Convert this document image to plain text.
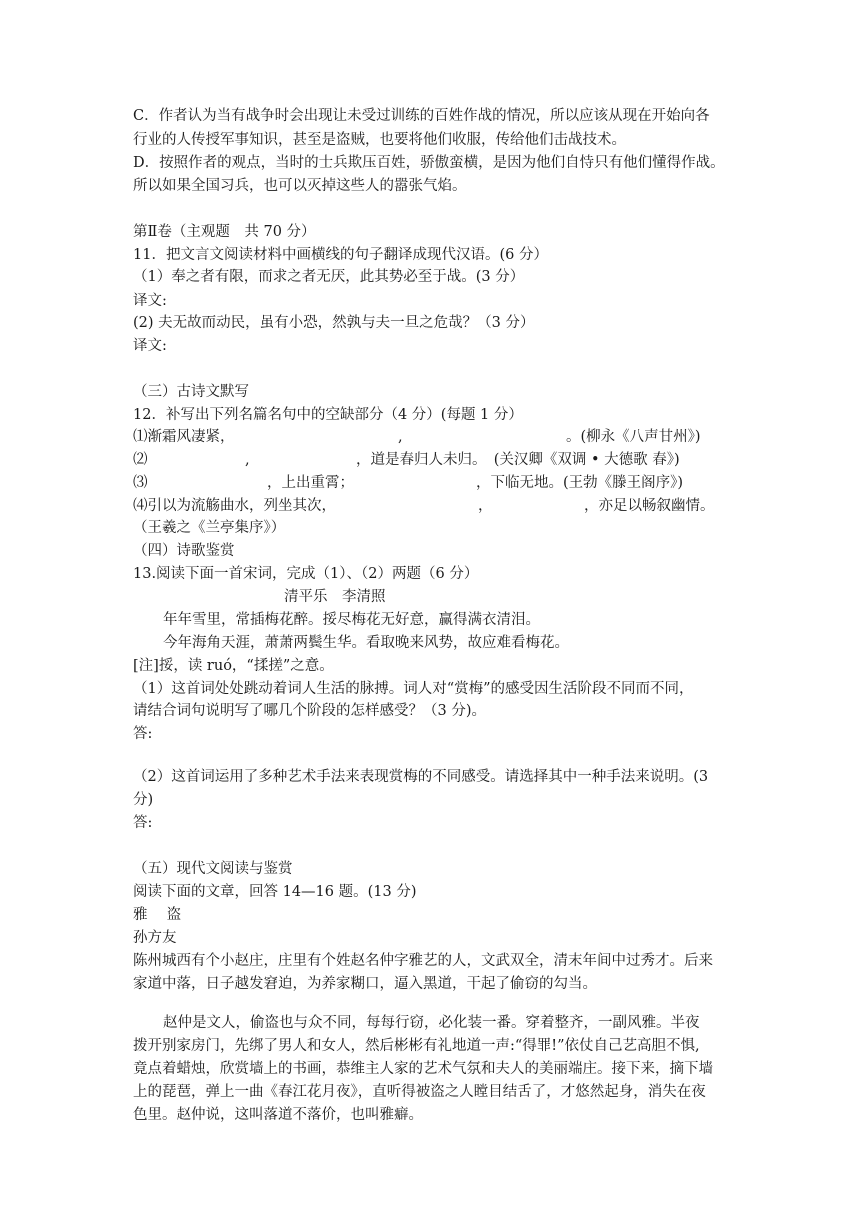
C．作者认为当有战争时会出现让未受过训练的百姓作战的情况，所以应该从现在开始向各
行业的人传授军事知识，甚至是盗贼，也要将他们收服，传给他们击战技术。
D．按照作者的观点，当时的士兵欺压百姓，骄傲蛮横，是因为他们自恃只有他们懂得作战。
所以如果全国习兵，也可以灭掉这些人的嚣张气焰。
第Ⅱ卷（主观题　共 70 分）
11．把文言文阅读材料中画横线的句子翻译成现代汉语。(6 分）
（1）奉之者有限，而求之者无厌，此其势必至于战。(3 分）
译文:
(2) 夫无故而动民，虽有小恐，然孰与夫一旦之危哉？（3 分）
译文:
（三）古诗文默写
12．补写出下列名篇名句中的空缺部分（4 分）(每题 1 分）
⑴渐霜风凄紧，	,	。(柳永《八声甘州》)
⑵	,	，道是春归人未归。　(关汉卿《双调 • 大德歌 春》)
⑶	，上出重霄；	，下临无地。(王勃《滕王阁序》)
⑷引以为流觞曲水，列坐其次，	，	，亦足以畅叙幽情。
（王羲之《兰亭集序》）
（四）诗歌鉴赏
13.阅读下面一首宋词，完成（1）、（2）两题（6 分）
清平乐　李清照
年年雪里，常插梅花醉。挼尽梅花无好意，赢得满衣清泪。
今年海角天涯，萧萧两鬓生华。看取晚来风势，故应难看梅花。
[注]挼，读 ruó，“揉搓”之意。
（1）这首词处处跳动着词人生活的脉搏。词人对“赏梅”的感受因生活阶段不同而不同，
请结合词句说明写了哪几个阶段的怎样感受？（3 分)。
答:
（2）这首词运用了多种艺术手法来表现赏梅的不同感受。请选择其中一种手法来说明。(3
分)
答:
（五）现代文阅读与鉴赏
阅读下面的文章，回答 14—16 题。(13 分)
雅　 盗
孙方友
陈州城西有个小赵庄，庄里有个姓赵名仲字雅艺的人，文武双全，清末年间中过秀才。后来
家道中落，日子越发窘迫，为养家糊口，逼入黑道，干起了偷窃的勾当。
赵仲是文人，偷盗也与众不同，每每行窃，必化装一番。穿着整齐，一副风雅。半夜
拨开别家房门，先绑了男人和女人，然后彬彬有礼地道一声:“得罪!”依仗自己艺高胆不惧,
竟点着蜡烛，欣赏墙上的书画，恭维主人家的艺术气氛和夫人的美丽端庄。接下来，摘下墙
上的琵琶，弹上一曲《春江花月夜》，直听得被盗之人瞠目结舌了，才悠然起身，消失在夜
色里。赵仲说，这叫落道不落价，也叫雅癖。
